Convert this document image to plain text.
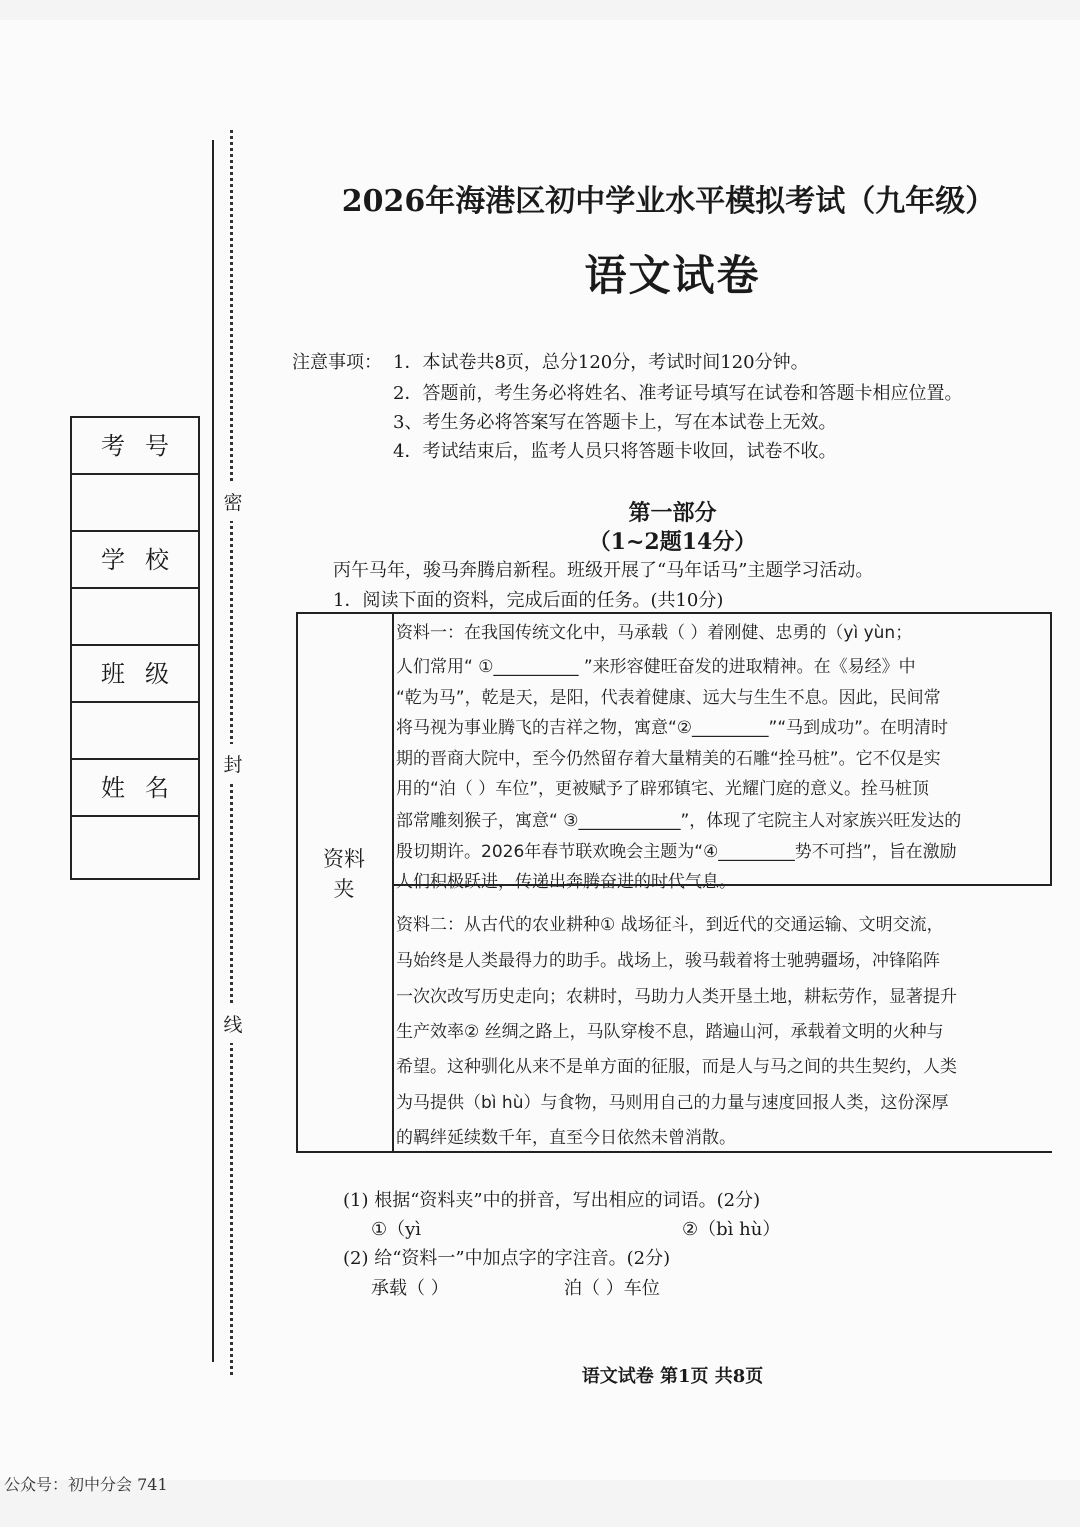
密
封
线
考号
学校
班级
姓名
2026年海港区初中学业水平模拟考试（九年级）
语文试卷
注意事项： 1．本试卷共8页，总分120分，考试时间120分钟。
2．答题前，考生务必将姓名、准考证号填写在试卷和答题卡相应位置。
3、考生务必将答案写在答题卡上，写在本试卷上无效。
4．考试结束后，监考人员只将答题卡收回，试卷不收。
第一部分
（1~2题14分）
丙午马年，骏马奔腾启新程。班级开展了“马年话马”主题学习活动。
1．阅读下面的资料，完成后面的任务。(共10分)
资料夹
资料一：在我国传统文化中，马承载（ ）着刚健、忠勇的（yì yùn；
人们常用“ ①__________ ”来形容健旺奋发的进取精神。在《易经》中
“乾为马”，乾是天，是阳，代表着健康、远大与生生不息。因此，民间常
将马视为事业腾飞的吉祥之物，寓意“②_________”“马到成功”。在明清时
期的晋商大院中，至今仍然留存着大量精美的石雕“拴马桩”。它不仅是实
用的“泊（ ）车位”，更被赋予了辟邪镇宅、光耀门庭的意义。拴马桩顶
部常雕刻猴子，寓意“ ③____________”，体现了宅院主人对家族兴旺发达的
殷切期许。2026年春节联欢晚会主题为“④_________势不可挡”，旨在激励
人们积极跃进，传递出奔腾奋进的时代气息。
资料二：从古代的农业耕种① 战场征斗，到近代的交通运输、文明交流，
马始终是人类最得力的助手。战场上，骏马载着将士驰骋疆场，冲锋陷阵
一次次改写历史走向；农耕时，马助力人类开垦土地，耕耘劳作，显著提升
生产效率② 丝绸之路上，马队穿梭不息，踏遍山河，承载着文明的火种与
希望。这种驯化从来不是单方面的征服，而是人与马之间的共生契约，人类
为马提供（bì hù）与食物，马则用自己的力量与速度回报人类，这份深厚
的羁绊延续数千年，直至今日依然未曾消散。
(1) 根据“资料夹”中的拼音，写出相应的词语。(2分)
①（yì	②（bì hù）
(2) 给“资料一”中加点字的字注音。(2分)
承载（ ）	泊（ ）车位
语文试卷 第1页 共8页
公众号：初中分会 741
